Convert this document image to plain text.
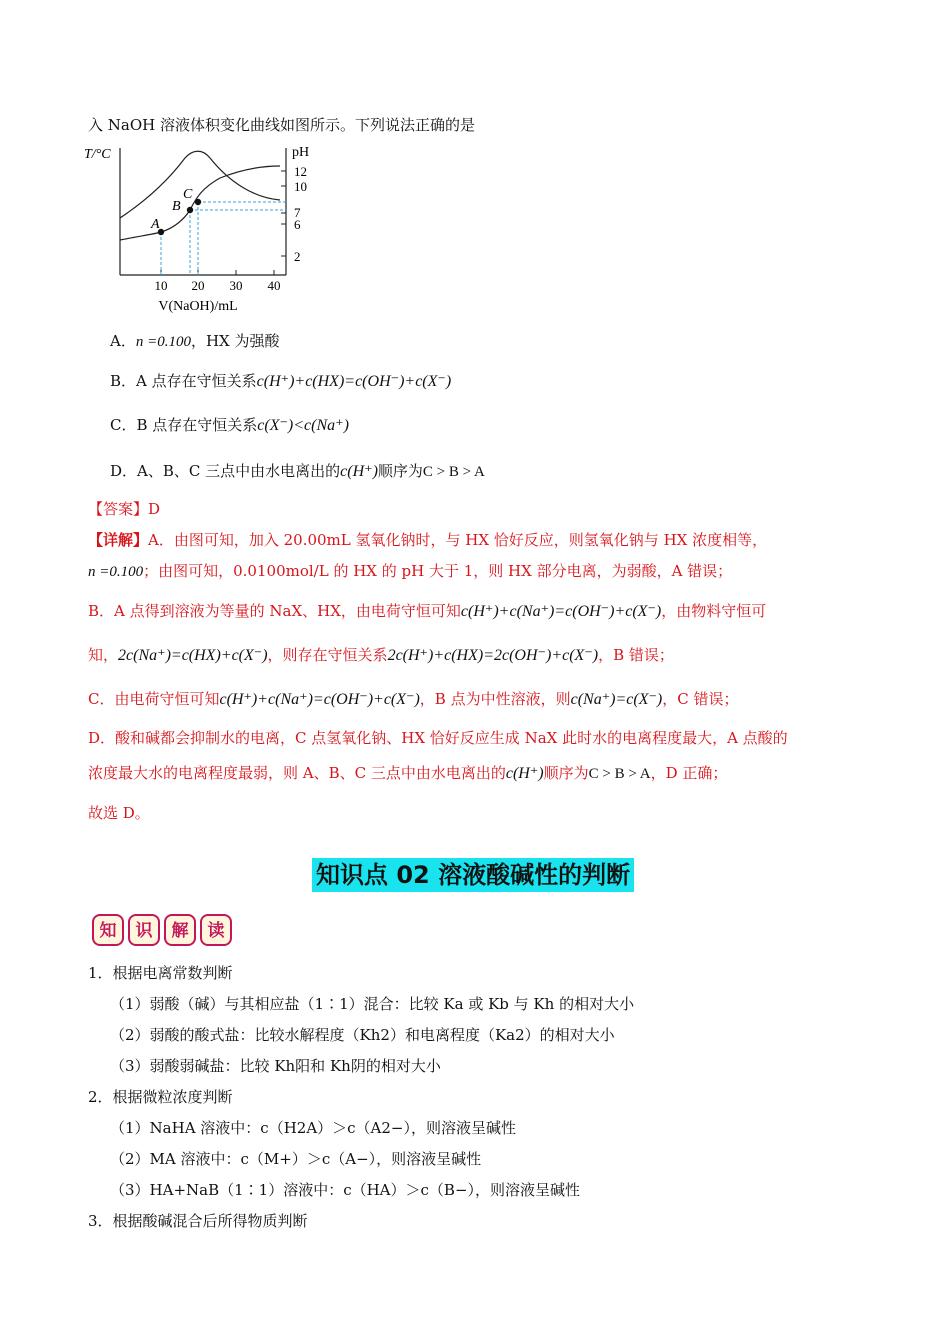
入 NaOH 溶液体积变化曲线如图所示。下列说法正确的是
T/°C	pH
12
10
7
6
2
10 20 30 40
V(NaOH)/mL
A
B
C
A．n =0.100，HX 为强酸
B．A 点存在守恒关系c(H⁺)+c(HX)=c(OH⁻)+c(X⁻)
C．B 点存在守恒关系c(X⁻)<c(Na⁺)
D．A、B、C 三点中由水电离出的c(H⁺)顺序为C > B > A
【答案】D
【详解】A．由图可知，加入 20.00mL 氢氧化钠时，与 HX 恰好反应，则氢氧化钠与 HX 浓度相等，
n =0.100；由图可知，0.0100mol/L 的 HX 的 pH 大于 1，则 HX 部分电离，为弱酸，A 错误；
B．A 点得到溶液为等量的 NaX、HX，由电荷守恒可知c(H⁺)+c(Na⁺)=c(OH⁻)+c(X⁻)，由物料守恒可
知，2c(Na⁺)=c(HX)+c(X⁻)，则存在守恒关系2c(H⁺)+c(HX)=2c(OH⁻)+c(X⁻)，B 错误；
C．由电荷守恒可知c(H⁺)+c(Na⁺)=c(OH⁻)+c(X⁻)，B 点为中性溶液，则c(Na⁺)=c(X⁻)，C 错误；
D．酸和碱都会抑制水的电离，C 点氢氧化钠、HX 恰好反应生成 NaX 此时水的电离程度最大，A 点酸的
浓度最大水的电离程度最弱，则 A、B、C 三点中由水电离出的c(H⁺)顺序为C > B > A，D 正确；
故选 D。
知识点 02 溶液酸碱性的判断
知	识	解	读
1．根据电离常数判断
（1）弱酸（碱）与其相应盐（1∶1）混合：比较 Ka 或 Kb 与 Kh 的相对大小
（2）弱酸的酸式盐：比较水解程度（Kh2）和电离程度（Ka2）的相对大小
（3）弱酸弱碱盐：比较 Kh阳和 Kh阴的相对大小
2．根据微粒浓度判断
（1）NaHA 溶液中：c（H2A）＞c（A2−），则溶液呈碱性
（2）MA 溶液中：c（M+）＞c（A−），则溶液呈碱性
（3）HA+NaB（1∶1）溶液中：c（HA）＞c（B−），则溶液呈碱性
3．根据酸碱混合后所得物质判断
